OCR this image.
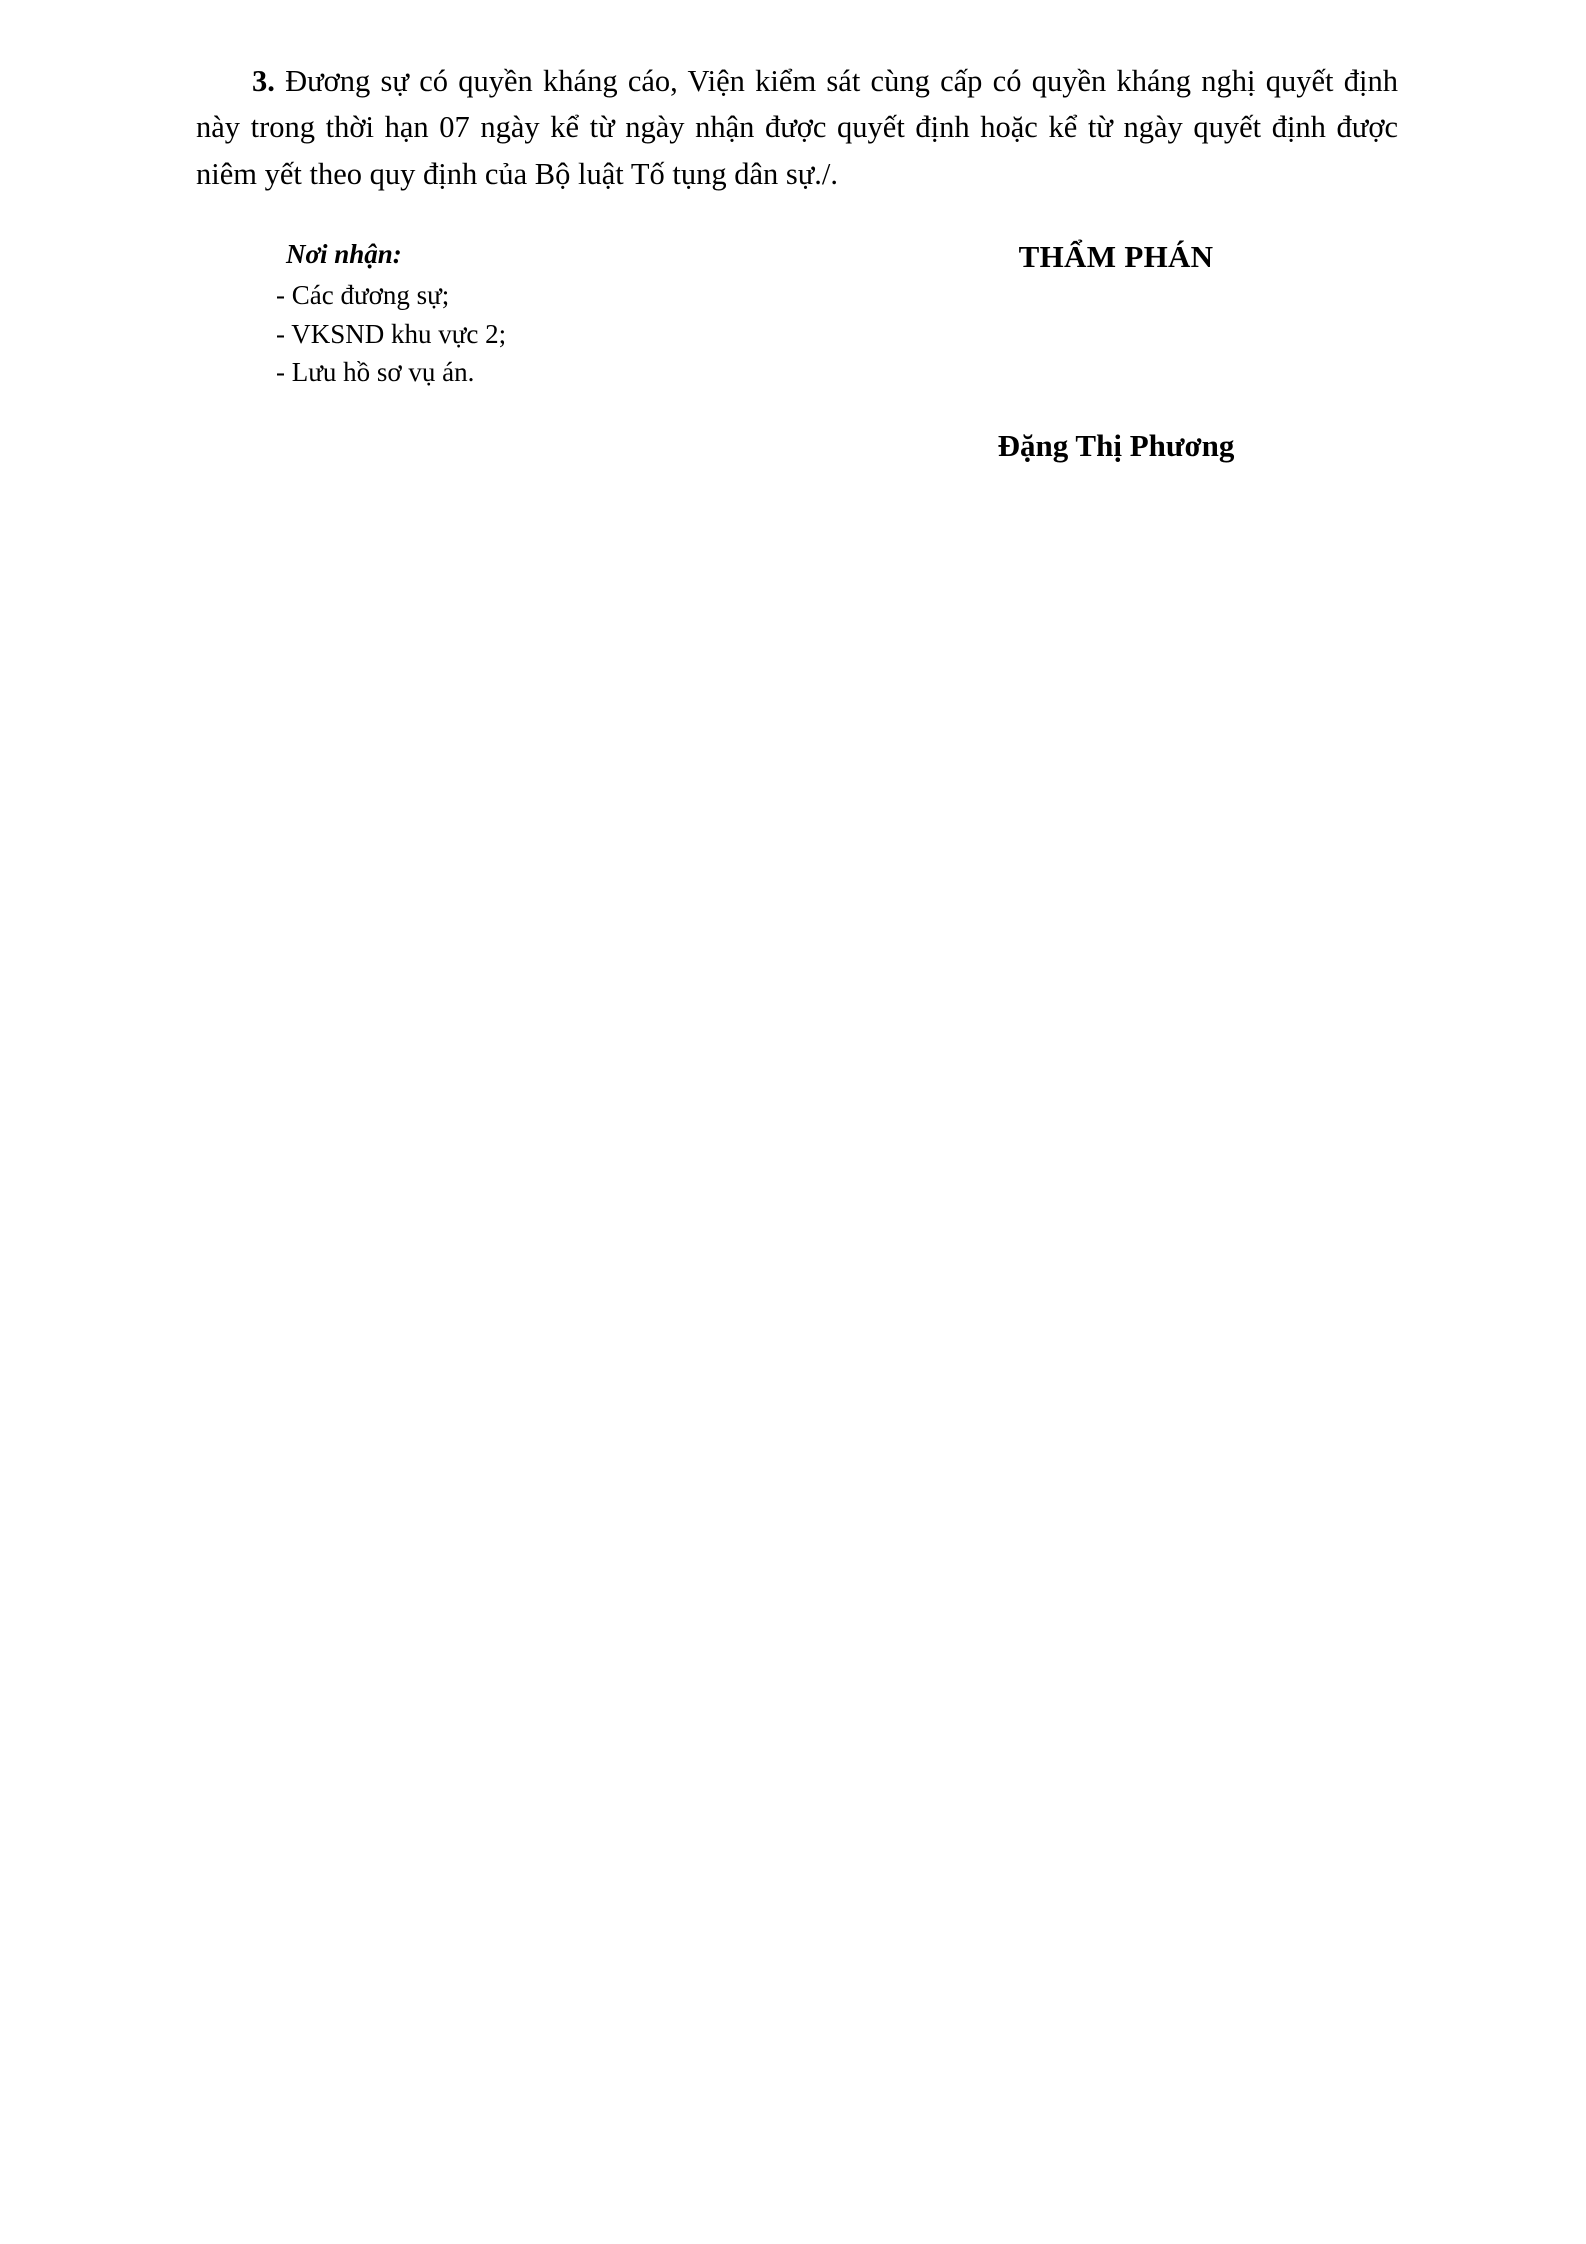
3. Đương sự có quyền kháng cáo, Viện kiểm sát cùng cấp có quyền kháng nghị quyết định này trong thời hạn 07 ngày kể từ ngày nhận được quyết định hoặc kể từ ngày quyết định được niêm yết theo quy định của Bộ luật Tố tụng dân sự./.

Nơi nhận:

- Các đương sự;
- VKSND khu vực 2;
- Lưu hồ sơ vụ án.

THẨM PHÁN

Đặng Thị Phương
